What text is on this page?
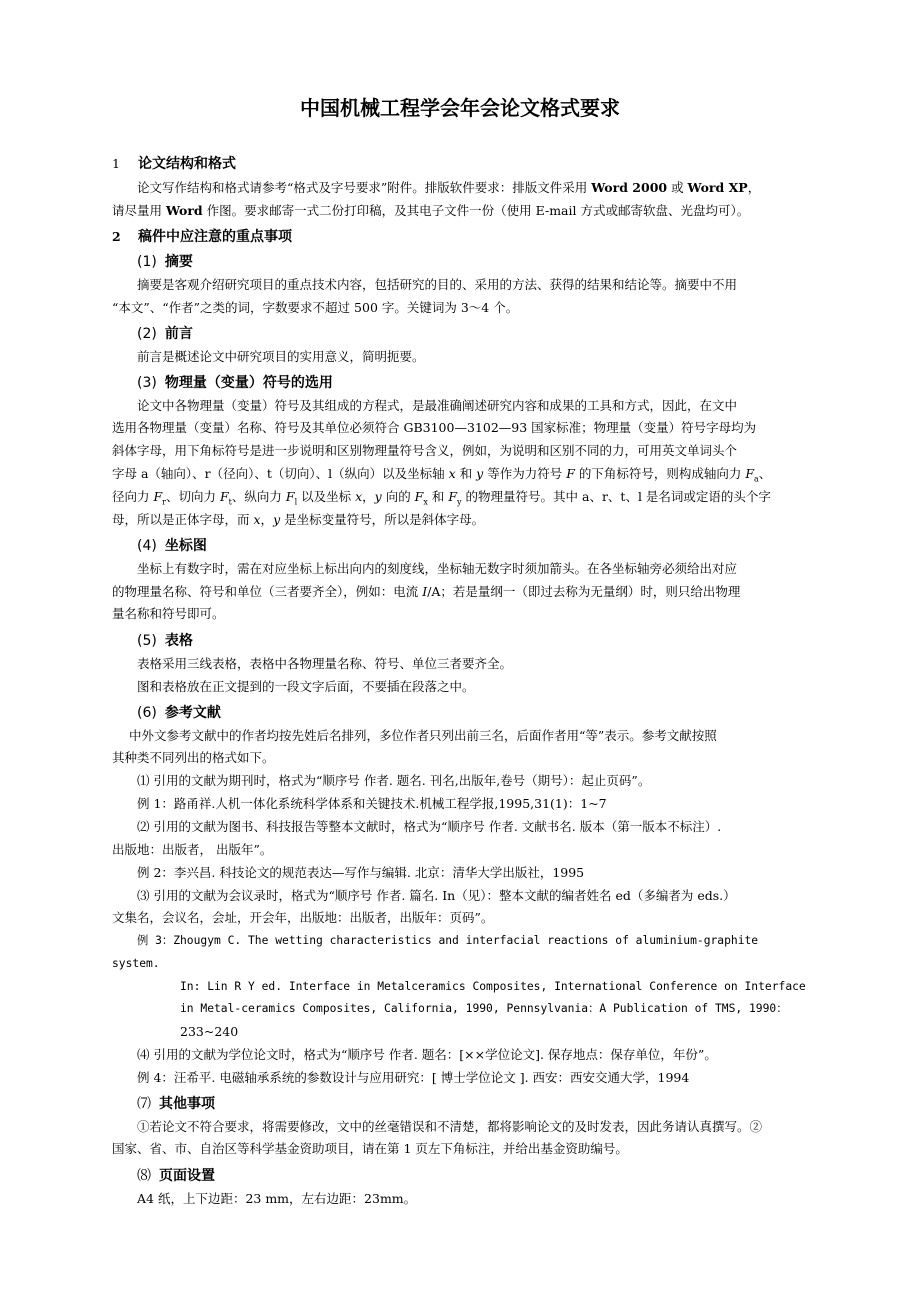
中国机械工程学会年会论文格式要求
1 论文结构和格式
论文写作结构和格式请参考“格式及字号要求”附件。排版软件要求：排版文件采用 Word 2000 或 Word XP，
请尽量用 Word 作图。要求邮寄一式二份打印稿，及其电子文件一份（使用 E-mail 方式或邮寄软盘、光盘均可）。
2 稿件中应注意的重点事项
(1) 摘要
摘要是客观介绍研究项目的重点技术内容，包括研究的目的、采用的方法、获得的结果和结论等。摘要中不用
“本文”、“作者”之类的词，字数要求不超过 500 字。关键词为 3～4 个。
(2) 前言
前言是概述论文中研究项目的实用意义，简明扼要。
(3) 物理量（变量）符号的选用
论文中各物理量（变量）符号及其组成的方程式，是最准确阐述研究内容和成果的工具和方式，因此，在文中
选用各物理量（变量）名称、符号及其单位必须符合 GB3100—3102—93 国家标准；物理量（变量）符号字母均为
斜体字母，用下角标符号是进一步说明和区别物理量符号含义，例如，为说明和区别不同的力，可用英文单词头个
字母 a（轴向）、r（径向）、t（切向）、l（纵向）以及坐标轴 x 和 y 等作为力符号 F 的下角标符号，则构成轴向力 $F_a$、
径向力 $F_r$、切向力 $F_t$、纵向力 $F_l$ 以及坐标 x，y 向的 $F_x$ 和 $F_y$ 的物理量符号。其中 a、r、t、l 是名词或定语的头个字
母，所以是正体字母，而 x，y 是坐标变量符号，所以是斜体字母。
(4) 坐标图
坐标上有数字时，需在对应坐标上标出向内的刻度线，坐标轴无数字时须加箭头。在各坐标轴旁必须给出对应
的物理量名称、符号和单位（三者要齐全），例如：电流 I/A；若是量纲一（即过去称为无量纲）时，则只给出物理
量名称和符号即可。
(5) 表格
表格采用三线表格，表格中各物理量名称、符号、单位三者要齐全。
图和表格放在正文提到的一段文字后面，不要插在段落之中。
(6) 参考文献
中外文参考文献中的作者均按先姓后名排列，多位作者只列出前三名，后面作者用“等”表示。参考文献按照
其种类不同列出的格式如下。
⑴ 引用的文献为期刊时，格式为“顺序号 作者. 题名. 刊名,出版年,卷号（期号）：起止页码”。
例 1：路甬祥.人机一体化系统科学体系和关键技术.机械工程学报,1995,31(1)：1~7
⑵ 引用的文献为图书、科技报告等整本文献时，格式为“顺序号 作者. 文献书名. 版本（第一版本不标注）.
出版地：出版者， 出版年”。
例 2：李兴昌. 科技论文的规范表达—写作与编辑. 北京：清华大学出版社，1995
⑶ 引用的文献为会议录时，格式为“顺序号 作者. 篇名. In（见）：整本文献的编者姓名 ed（多编者为 eds.）
文集名，会议名，会址，开会年，出版地：出版者，出版年：页码”。
例 3：Zhougym C. The wetting characteristics and interfacial reactions of aluminium-graphite
system.
In: Lin R Y ed. Interface in Metalceramics Composites, International Conference on Interface
in Metal-ceramics Composites, California, 1990, Pennsylvania：A Publication of TMS, 1990：
233~240
⑷ 引用的文献为学位论文时，格式为“顺序号 作者. 题名：[××学位论文]. 保存地点：保存单位，年份”。
例 4：汪希平. 电磁轴承系统的参数设计与应用研究：[ 博士学位论文 ]. 西安：西安交通大学，1994
⑺ 其他事项
①若论文不符合要求，将需要修改，文中的丝毫错误和不清楚，都将影响论文的及时发表，因此务请认真撰写。②
国家、省、市、自治区等科学基金资助项目，请在第 1 页左下角标注，并给出基金资助编号。
⑻ 页面设置
A4 纸，上下边距：23 mm，左右边距：23mm。
